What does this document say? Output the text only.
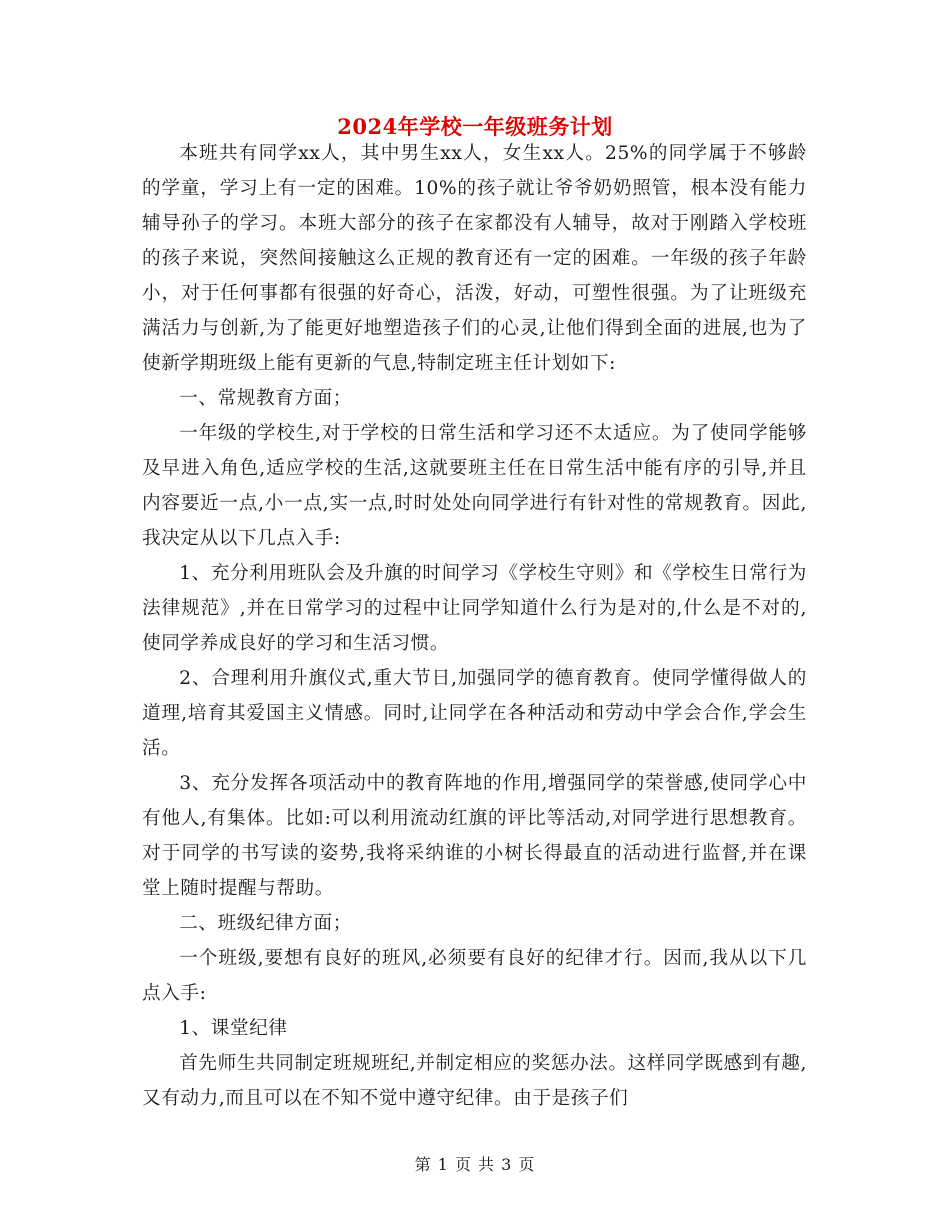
2024年学校一年级班务计划

本班共有同学xx人，其中男生xx人，女生xx人。25%的同学属于不够龄的学童，学习上有一定的困难。10%的孩子就让爷爷奶奶照管，根本没有能力辅导孙子的学习。本班大部分的孩子在家都没有人辅导，故对于刚踏入学校班的孩子来说，突然间接触这么正规的教育还有一定的困难。一年级的孩子年龄小，对于任何事都有很强的好奇心，活泼，好动，可塑性很强。为了让班级充满活力与创新,为了能更好地塑造孩子们的心灵,让他们得到全面的进展,也为了使新学期班级上能有更新的气息,特制定班主任计划如下:

一、常规教育方面；

一年级的学校生,对于学校的日常生活和学习还不太适应。为了使同学能够及早进入角色,适应学校的生活,这就要班主任在日常生活中能有序的引导,并且内容要近一点,小一点,实一点,时时处处向同学进行有针对性的常规教育。因此,我决定从以下几点入手:

1、充分利用班队会及升旗的时间学习《学校生守则》和《学校生日常行为法律规范》,并在日常学习的过程中让同学知道什么行为是对的,什么是不对的,使同学养成良好的学习和生活习惯。

2、合理利用升旗仪式,重大节日,加强同学的德育教育。使同学懂得做人的道理,培育其爱国主义情感。同时,让同学在各种活动和劳动中学会合作,学会生活。

3、充分发挥各项活动中的教育阵地的作用,增强同学的荣誉感,使同学心中有他人,有集体。比如:可以利用流动红旗的评比等活动,对同学进行思想教育。对于同学的书写读的姿势,我将采纳谁的小树长得最直的活动进行监督,并在课堂上随时提醒与帮助。

二、班级纪律方面；

一个班级,要想有良好的班风,必须要有良好的纪律才行。因而,我从以下几点入手:

1、课堂纪律

首先师生共同制定班规班纪,并制定相应的奖惩办法。这样同学既感到有趣,又有动力,而且可以在不知不觉中遵守纪律。由于是孩子们

第 1 页 共 3 页
